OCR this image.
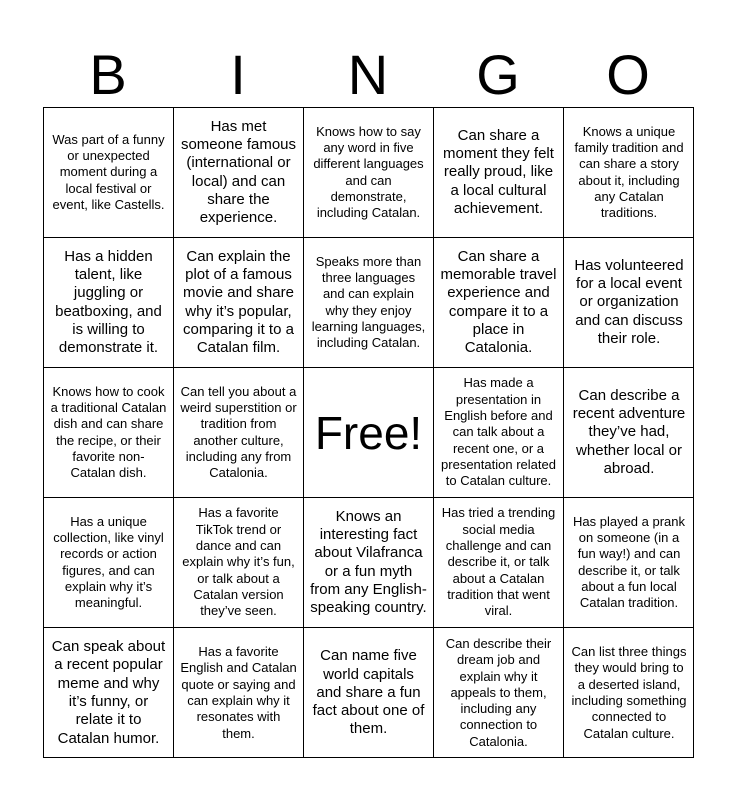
B	I	N	G	O
Was part of a funny or unexpected moment during a local festival or event, like Castells.
Has met someone famous (international or local) and can share the experience.
Knows how to say any word in five different languages and can demonstrate, including Catalan.
Can share a moment they felt really proud, like a local cultural achievement.
Knows a unique family tradition and can share a story about it, including any Catalan traditions.
Has a hidden talent, like juggling or beatboxing, and is willing to demonstrate it.
Can explain the plot of a famous movie and share why it’s popular, comparing it to a Catalan film.
Speaks more than three languages and can explain why they enjoy learning languages, including Catalan.
Can share a memorable travel experience and compare it to a place in Catalonia.
Has volunteered for a local event or organization and can discuss their role.
Knows how to cook a traditional Catalan dish and can share the recipe, or their favorite non-Catalan dish.
Can tell you about a weird superstition or tradition from another culture, including any from Catalonia.
Free!
Has made a presentation in English before and can talk about a recent one, or a presentation related to Catalan culture.
Can describe a recent adventure they’ve had, whether local or abroad.
Has a unique collection, like vinyl records or action figures, and can explain why it’s meaningful.
Has a favorite TikTok trend or dance and can explain why it’s fun, or talk about a Catalan version they’ve seen.
Knows an interesting fact about Vilafranca or a fun myth from any English-speaking country.
Has tried a trending social media challenge and can describe it, or talk about a Catalan tradition that went viral.
Has played a prank on someone (in a fun way!) and can describe it, or talk about a fun local Catalan tradition.
Can speak about a recent popular meme and why it’s funny, or relate it to Catalan humor.
Has a favorite English and Catalan quote or saying and can explain why it resonates with them.
Can name five world capitals and share a fun fact about one of them.
Can describe their dream job and explain why it appeals to them, including any connection to Catalonia.
Can list three things they would bring to a deserted island, including something connected to Catalan culture.
